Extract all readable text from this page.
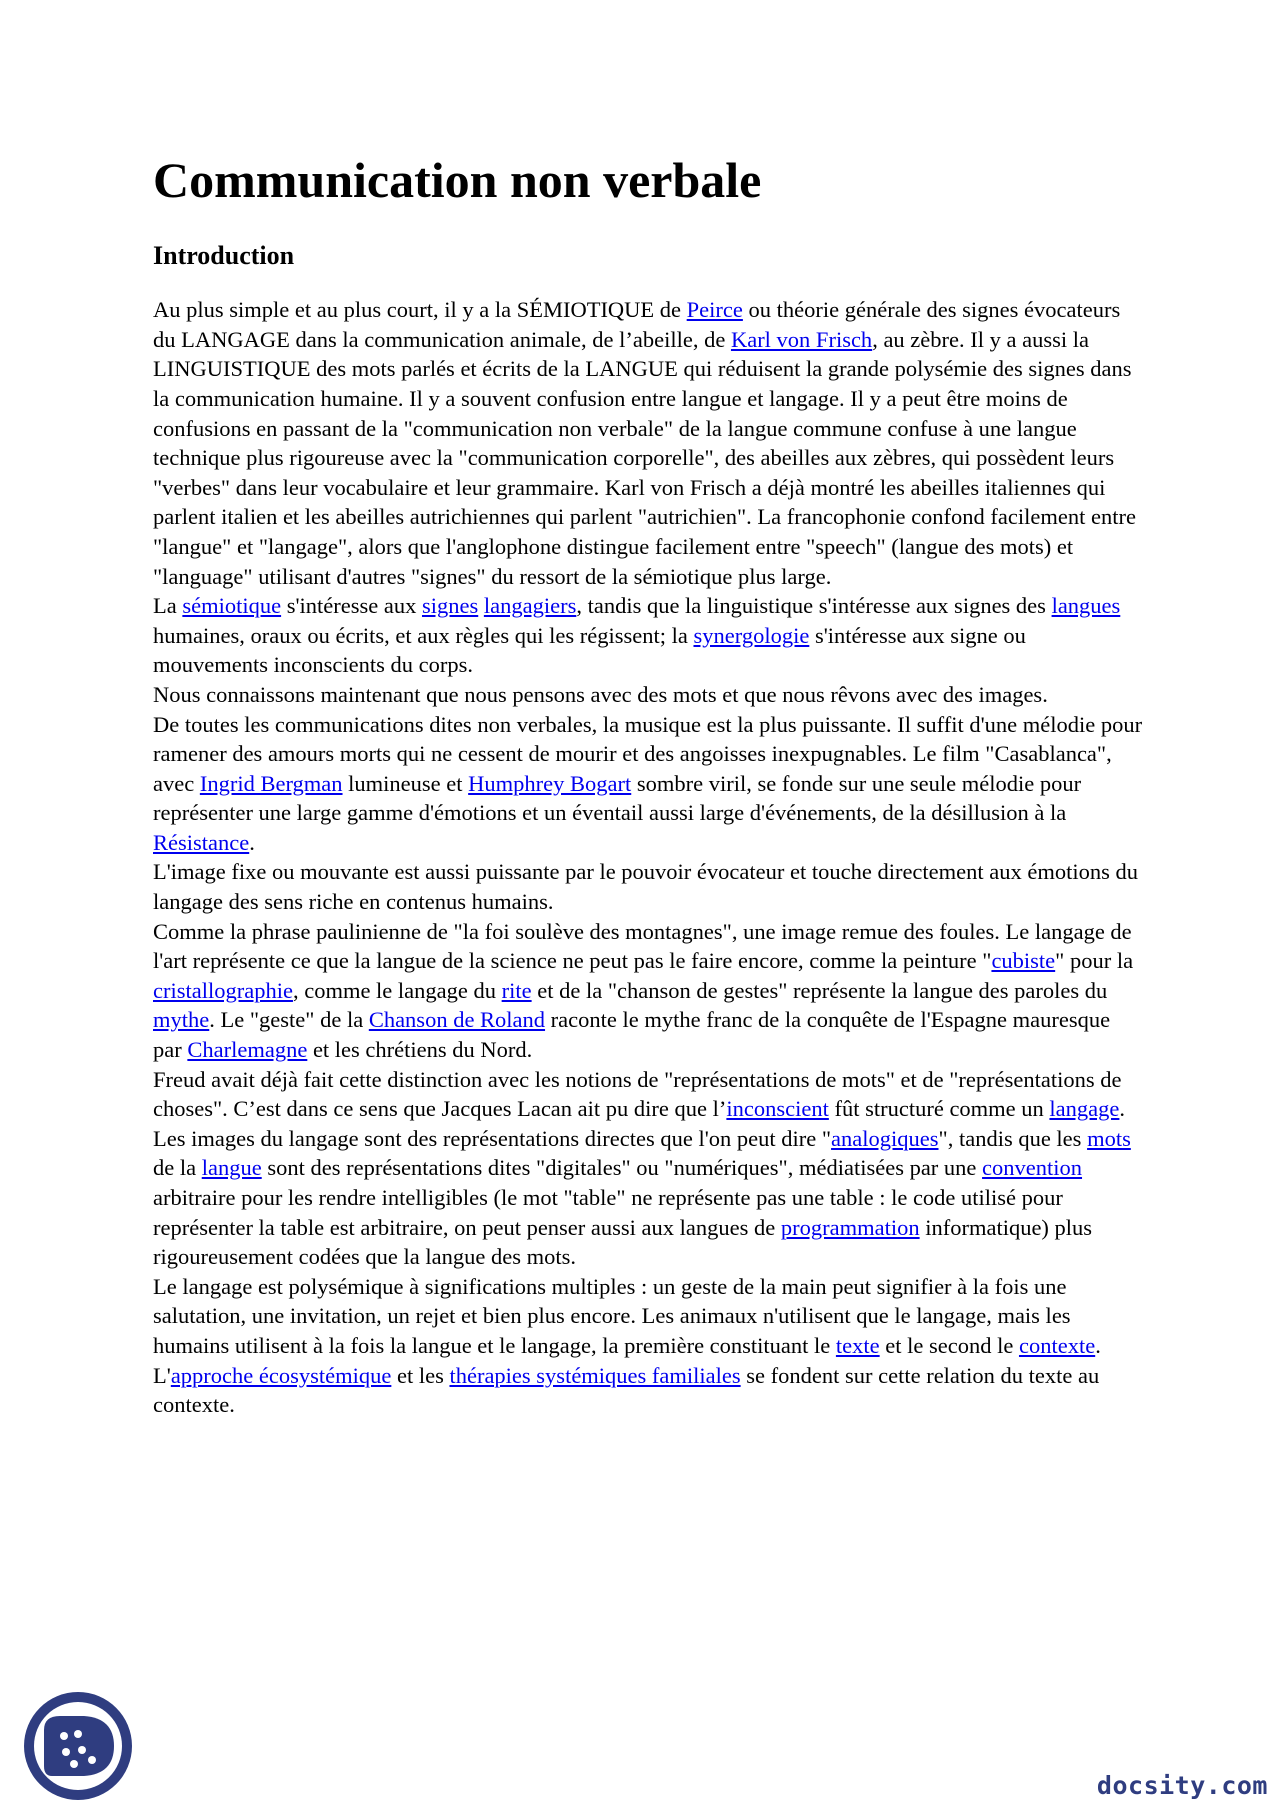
Communication non verbale
Introduction

Au plus simple et au plus court, il y a la SÉMIOTIQUE de Peirce ou théorie générale des signes évocateurs du LANGAGE dans la communication animale, de l’abeille, de Karl von Frisch, au zèbre. Il y a aussi la LINGUISTIQUE des mots parlés et écrits de la LANGUE qui réduisent la grande polysémie des signes dans la communication humaine. Il y a souvent confusion entre langue et langage. Il y a peut être moins de confusions en passant de la "communication non verbale" de la langue commune confuse à une langue technique plus rigoureuse avec la "communication corporelle", des abeilles aux zèbres, qui possèdent leurs "verbes" dans leur vocabulaire et leur grammaire. Karl von Frisch a déjà montré les abeilles italiennes qui parlent italien et les abeilles autrichiennes qui parlent "autrichien". La francophonie confond facilement entre "langue" et "langage", alors que l'anglophone distingue facilement entre "speech" (langue des mots) et "language" utilisant d'autres "signes" du ressort de la sémiotique plus large.

La sémiotique s'intéresse aux signes langagiers, tandis que la linguistique s'intéresse aux signes des langues humaines, oraux ou écrits, et aux règles qui les régissent; la synergologie s'intéresse aux signe ou mouvements inconscients du corps.

Nous connaissons maintenant que nous pensons avec des mots et que nous rêvons avec des images.

De toutes les communications dites non verbales, la musique est la plus puissante. Il suffit d'une mélodie pour ramener des amours morts qui ne cessent de mourir et des angoisses inexpugnables. Le film "Casablanca", avec Ingrid Bergman lumineuse et Humphrey Bogart sombre viril, se fonde sur une seule mélodie pour représenter une large gamme d'émotions et un éventail aussi large d'événements, de la désillusion à la Résistance.

L'image fixe ou mouvante est aussi puissante par le pouvoir évocateur et touche directement aux émotions du langage des sens riche en contenus humains.

Comme la phrase paulinienne de "la foi soulève des montagnes", une image remue des foules. Le langage de l'art représente ce que la langue de la science ne peut pas le faire encore, comme la peinture "cubiste" pour la cristallographie, comme le langage du rite et de la "chanson de gestes" représente la langue des paroles du mythe. Le "geste" de la Chanson de Roland raconte le mythe franc de la conquête de l'Espagne mauresque par Charlemagne et les chrétiens du Nord.

Freud avait déjà fait cette distinction avec les notions de "représentations de mots" et de "représentations de choses". C’est dans ce sens que Jacques Lacan ait pu dire que l’inconscient fût structuré comme un langage.

Les images du langage sont des représentations directes que l'on peut dire "analogiques", tandis que les mots de la langue sont des représentations dites "digitales" ou "numériques", médiatisées par une convention arbitraire pour les rendre intelligibles (le mot "table" ne représente pas une table : le code utilisé pour représenter la table est arbitraire, on peut penser aussi aux langues de programmation informatique) plus rigoureusement codées que la langue des mots.

Le langage est polysémique à significations multiples : un geste de la main peut signifier à la fois une salutation, une invitation, un rejet et bien plus encore. Les animaux n'utilisent que le langage, mais les humains utilisent à la fois la langue et le langage, la première constituant le texte et le second le contexte.

L'approche écosystémique et les thérapies systémiques familiales se fondent sur cette relation du texte au contexte.

docsity.com
